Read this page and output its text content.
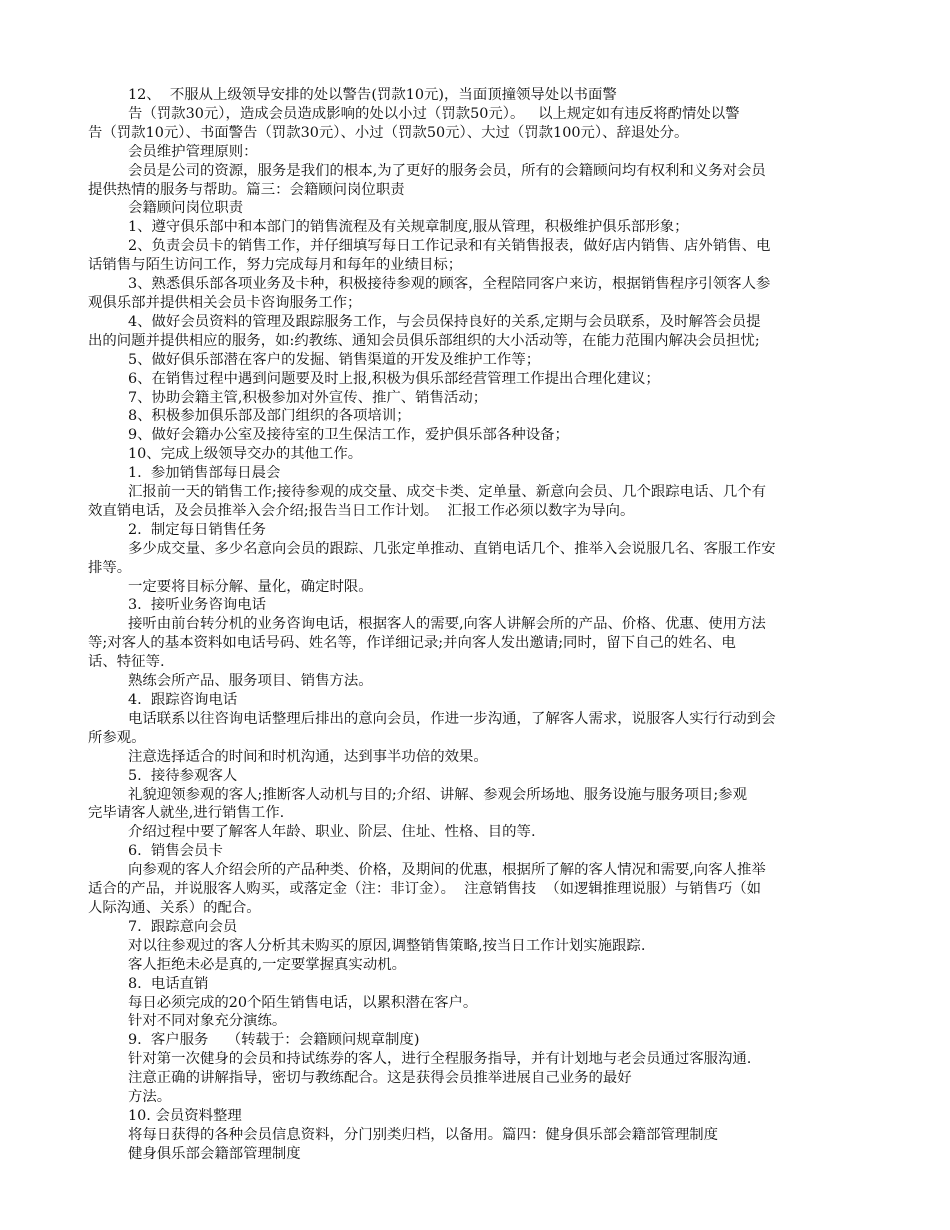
12、  不服从上级领导安排的处以警告(罚款10元)，当面顶撞领导处以书面警
告（罚款30元），造成会员造成影响的处以小过（罚款50元）。   以上规定如有违反将酌情处以警
告（罚款10元）、书面警告（罚款30元）、小过（罚款50元）、大过（罚款100元）、辞退处分。
会员维护管理原则：
会员是公司的资源，服务是我们的根本,为了更好的服务会员，所有的会籍顾问均有权利和义务对会员
提供热情的服务与帮助。篇三：会籍顾问岗位职责
会籍顾问岗位职责
1、遵守俱乐部中和本部门的销售流程及有关规章制度,服从管理，积极维护俱乐部形象；
2、负责会员卡的销售工作，并仔细填写每日工作记录和有关销售报表，做好店内销售、店外销售、电
话销售与陌生访问工作，努力完成每月和每年的业绩目标；
3、熟悉俱乐部各项业务及卡种，积极接待参观的顾客，全程陪同客户来访，根据销售程序引领客人参
观俱乐部并提供相关会员卡咨询服务工作；
4、做好会员资料的管理及跟踪服务工作，与会员保持良好的关系,定期与会员联系，及时解答会员提
出的问题并提供相应的服务，如:约教练、通知会员俱乐部组织的大小活动等，在能力范围内解决会员担忧;
5、做好俱乐部潜在客户的发掘、销售渠道的开发及维护工作等；
6、在销售过程中遇到问题要及时上报,积极为俱乐部经营管理工作提出合理化建议；
7、协助会籍主管,积极参加对外宣传、推广、销售活动；
8、积极参加俱乐部及部门组织的各项培训；
9、做好会籍办公室及接待室的卫生保洁工作，爱护俱乐部各种设备；
10、完成上级领导交办的其他工作。
1.  参加销售部每日晨会
汇报前一天的销售工作;接待参观的成交量、成交卡类、定单量、新意向会员、几个跟踪电话、几个有
效直销电话，及会员推举入会介绍;报告当日工作计划。  汇报工作必须以数字为导向。
2.  制定每日销售任务
多少成交量、多少名意向会员的跟踪、几张定单推动、直销电话几个、推举入会说服几名、客服工作安
排等。
一定要将目标分解、量化，确定时限。
3.  接听业务咨询电话
接听由前台转分机的业务咨询电话，根据客人的需要,向客人讲解会所的产品、价格、优惠、使用方法
等;对客人的基本资料如电话号码、姓名等，作详细记录;并向客人发出邀请;同时，留下自己的姓名、电
话、特征等.
熟练会所产品、服务项目、销售方法。
4.  跟踪咨询电话
电话联系以往咨询电话整理后排出的意向会员，作进一步沟通，了解客人需求，说服客人实行行动到会
所参观。
注意选择适合的时间和时机沟通，达到事半功倍的效果。
5.  接待参观客人
礼貌迎领参观的客人;推断客人动机与目的;介绍、讲解、参观会所场地、服务设施与服务项目;参观
完毕请客人就坐,进行销售工作.
介绍过程中要了解客人年龄、职业、阶层、住址、性格、目的等.
6.  销售会员卡
向参观的客人介绍会所的产品种类、价格，及期间的优惠，根据所了解的客人情况和需要,向客人推举
适合的产品，并说服客人购买，或落定金（注：非订金）。  注意销售技  （如逻辑推理说服）与销售巧（如
人际沟通、关系）的配合。
7.  跟踪意向会员
对以往参观过的客人分析其未购买的原因,调整销售策略,按当日工作计划实施跟踪.
客人拒绝未必是真的,一定要掌握真实动机。
8.  电话直销
每日必须完成的20个陌生销售电话，以累积潜在客户。
针对不同对象充分演练。
9.  客户服务    （转载于：会籍顾问规章制度)
针对第一次健身的会员和持试练券的客人，进行全程服务指导，并有计划地与老会员通过客服沟通.
注意正确的讲解指导，密切与教练配合。这是获得会员推举进展自己业务的最好
方法。
10. 会员资料整理
将每日获得的各种会员信息资料，分门别类归档，以备用。篇四：健身俱乐部会籍部管理制度
健身俱乐部会籍部管理制度
